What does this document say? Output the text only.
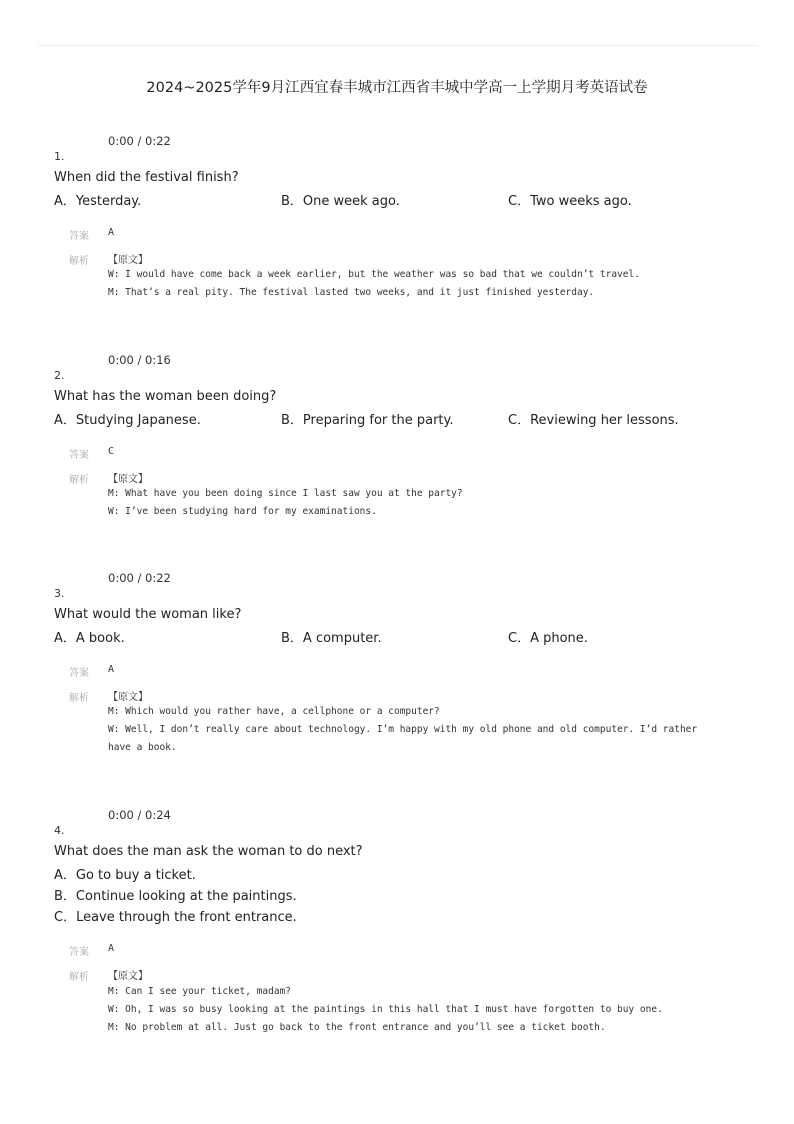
2024~2025学年9月江西宜春丰城市江西省丰城中学高一上学期月考英语试卷
0:00 / 0:22
1.
When did the festival finish?
A．Yesterday.	B．One week ago.	C．Two weeks ago.
答案 A
解析 【原文】
W: I would have come back a week earlier, but the weather was so bad that we couldn’t travel.
M: That’s a real pity. The festival lasted two weeks, and it just finished yesterday.
0:00 / 0:16
2.
What has the woman been doing?
A．Studying Japanese.	B．Preparing for the party.	C．Reviewing her lessons.
答案 C
解析 【原文】
M: What have you been doing since I last saw you at the party?
W: I’ve been studying hard for my examinations.
0:00 / 0:22
3.
What would the woman like?
A．A book.	B．A computer.	C．A phone.
答案 A
解析 【原文】
M: Which would you rather have, a cellphone or a computer?
W: Well, I don’t really care about technology. I’m happy with my old phone and old computer. I’d rather have a book.
0:00 / 0:24
4.
What does the man ask the woman to do next?
A．Go to buy a ticket.
B．Continue looking at the paintings.
C．Leave through the front entrance.
答案 A
解析 【原文】
M: Can I see your ticket, madam?
W: Oh, I was so busy looking at the paintings in this hall that I must have forgotten to buy one.
M: No problem at all. Just go back to the front entrance and you’ll see a ticket booth.
